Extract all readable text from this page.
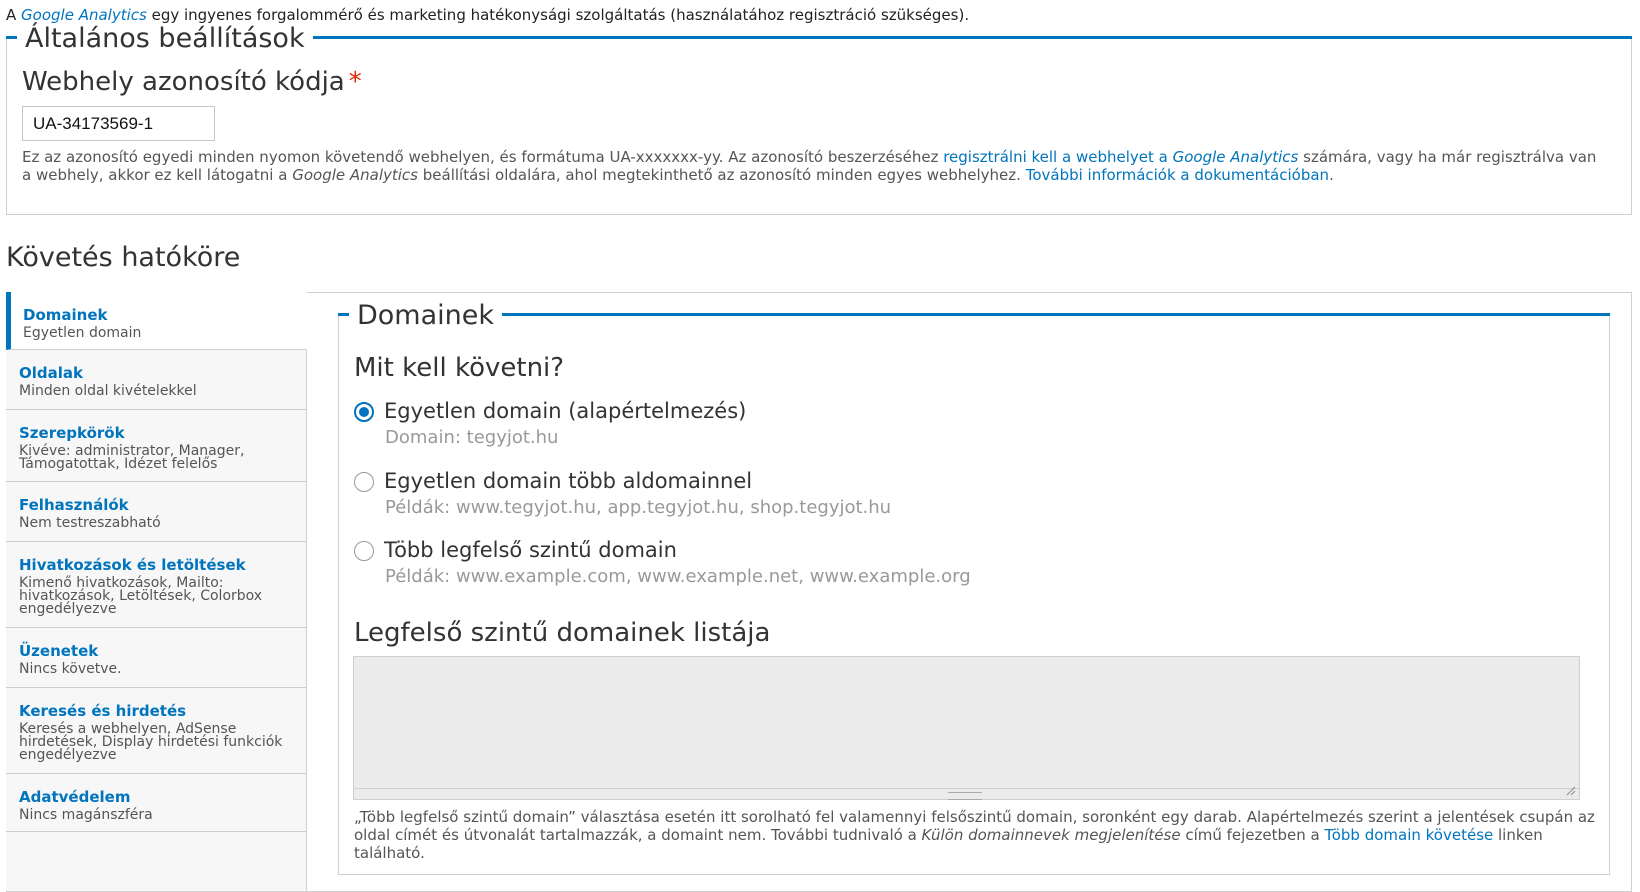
A Google Analytics egy ingyenes forgalommérő és marketing hatékonysági szolgáltatás (használatához regisztráció szükséges).
Általános beállítások
Webhely azonosító kódja *
UA-34173569-1
Ez az azonosító egyedi minden nyomon követendő webhelyen, és formátuma UA-xxxxxxx-yy. Az azonosító beszerzéséhez regisztrálni kell a webhelyet a Google Analytics számára, vagy ha már regisztrálva van a webhely, akkor ez kell látogatni a Google Analytics beállítási oldalára, ahol megtekinthető az azonosító minden egyes webhelyhez. További információk a dokumentációban.
Követés hatóköre
Domainek
Egyetlen domain
Oldalak
Minden oldal kivételekkel
Szerepkörök
Kivéve: administrator, Manager, Támogatottak, Idézet felelős
Felhasználók
Nem testreszabható
Hivatkozások és letöltések
Kimenő hivatkozások, Mailto: hivatkozások, Letöltések, Colorbox engedélyezve
Üzenetek
Nincs követve.
Keresés és hirdetés
Keresés a webhelyen, AdSense hirdetések, Display hirdetési funkciók engedélyezve
Adatvédelem
Nincs magánszféra
Domainek
Mit kell követni?
Egyetlen domain (alapértelmezés)
Domain: tegyjot.hu
Egyetlen domain több aldomainnel
Példák: www.tegyjot.hu, app.tegyjot.hu, shop.tegyjot.hu
Több legfelső szintű domain
Példák: www.example.com, www.example.net, www.example.org
Legfelső szintű domainek listája
„Több legfelső szintű domain” választása esetén itt sorolható fel valamennyi felsőszintű domain, soronként egy darab. Alapértelmezés szerint a jelentések csupán az oldal címét és útvonalát tartalmazzák, a domaint nem. További tudnivaló a Külön domainnevek megjelenítése című fejezetben a Több domain követése linken található.
